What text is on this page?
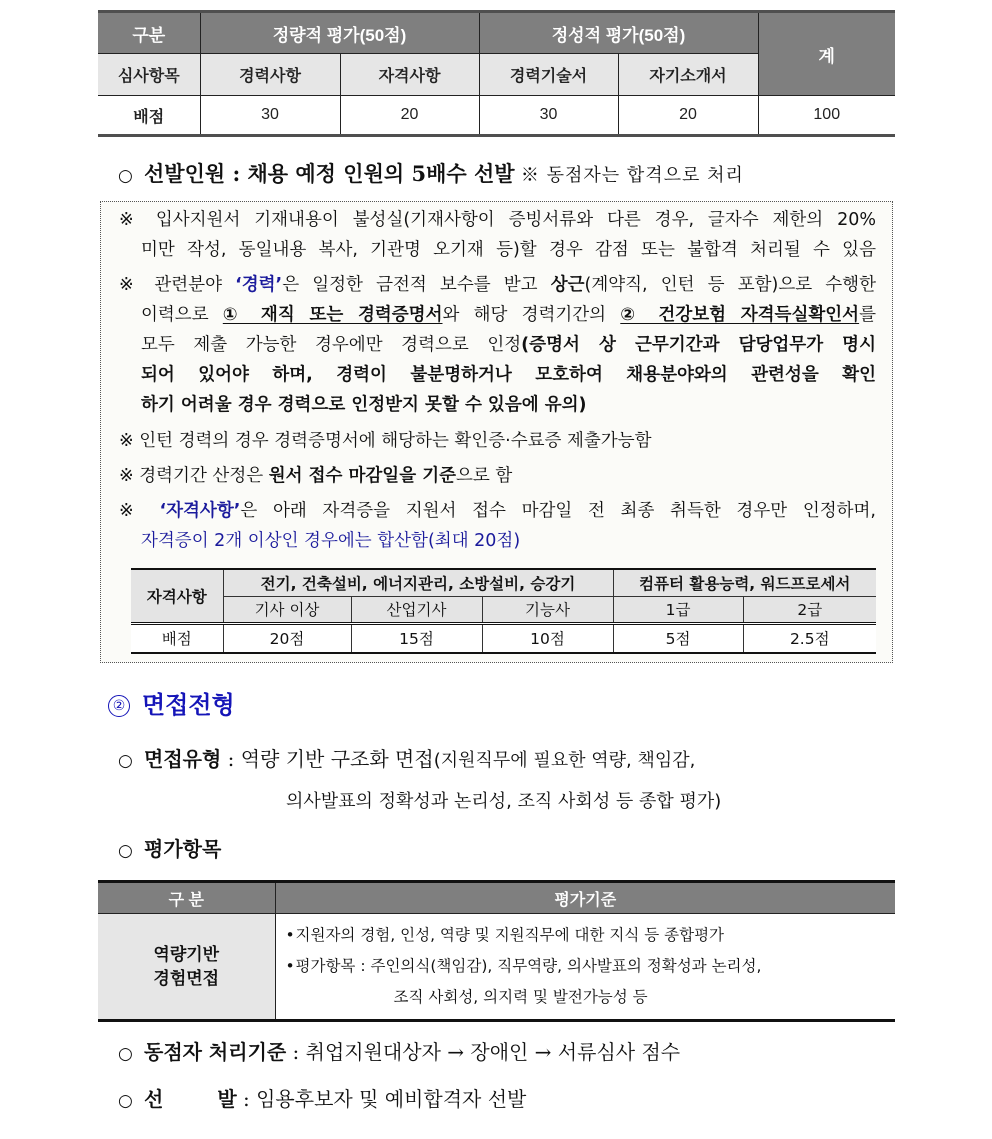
구분	정량적 평가(50점)		정성적 평가(50점)		계
심사항목	경력사항	자격사항	경력기술서	자기소개서	
배점	30	20	30	20	100
○ 선발인원 : 채용 예정 인원의 5배수 선발 ※ 동점자는 합격으로 처리
※ 입사지원서 기재내용이 불성실(기재사항이 증빙서류와 다른 경우, 글자수 제한의 20%
미만 작성, 동일내용 복사, 기관명 오기재 등)할 경우 감점 또는 불합격 처리될 수 있음
※ 관련분야 ‘경력’은 일정한 금전적 보수를 받고 상근(계약직, 인턴 등 포함)으로 수행한
이력으로 ① 재직 또는 경력증명서와 해당 경력기간의 ② 건강보험 자격득실확인서를
모두 제출 가능한 경우에만 경력으로 인정(증명서 상 근무기간과 담당업무가 명시
되어 있어야 하며, 경력이 불분명하거나 모호하여 채용분야와의 관련성을 확인
하기 어려울 경우 경력으로 인정받지 못할 수 있음에 유의)
※ 인턴 경력의 경우 경력증명서에 해당하는 확인증·수료증 제출가능함
※ 경력기간 산정은 원서 접수 마감일을 기준으로 함
※ ‘자격사항’은 아래 자격증을 지원서 접수 마감일 전 최종 취득한 경우만 인정하며,
자격증이 2개 이상인 경우에는 합산함(최대 20점)
자격사항	전기, 건축설비, 에너지관리, 소방설비, 승강기			컴퓨터 활용능력, 워드프로세서	
	기사 이상	산업기사	기능사	1급	2급
배점	20점	15점	10점	5점	2.5점
② 면접전형
○ 면접유형 : 역량 기반 구조화 면접(지원직무에 필요한 역량, 책임감,
의사발표의 정확성과 논리성, 조직 사회성 등 종합 평가)
○ 평가항목
구 분	평가기준
역량기반
경험면접	
•지원자의 경험, 인성, 역량 및 지원직무에 대한 지식 등 종합평가
•평가항목 : 주인의식(책임감), 직무역량, 의사발표의 정확성과 논리성,
조직 사회성, 의지력 및 발전가능성 등
○ 동점자 처리기준 : 취업지원대상자 → 장애인 → 서류심사 점수
○ 선	발 : 임용후보자 및 예비합격자 선발
